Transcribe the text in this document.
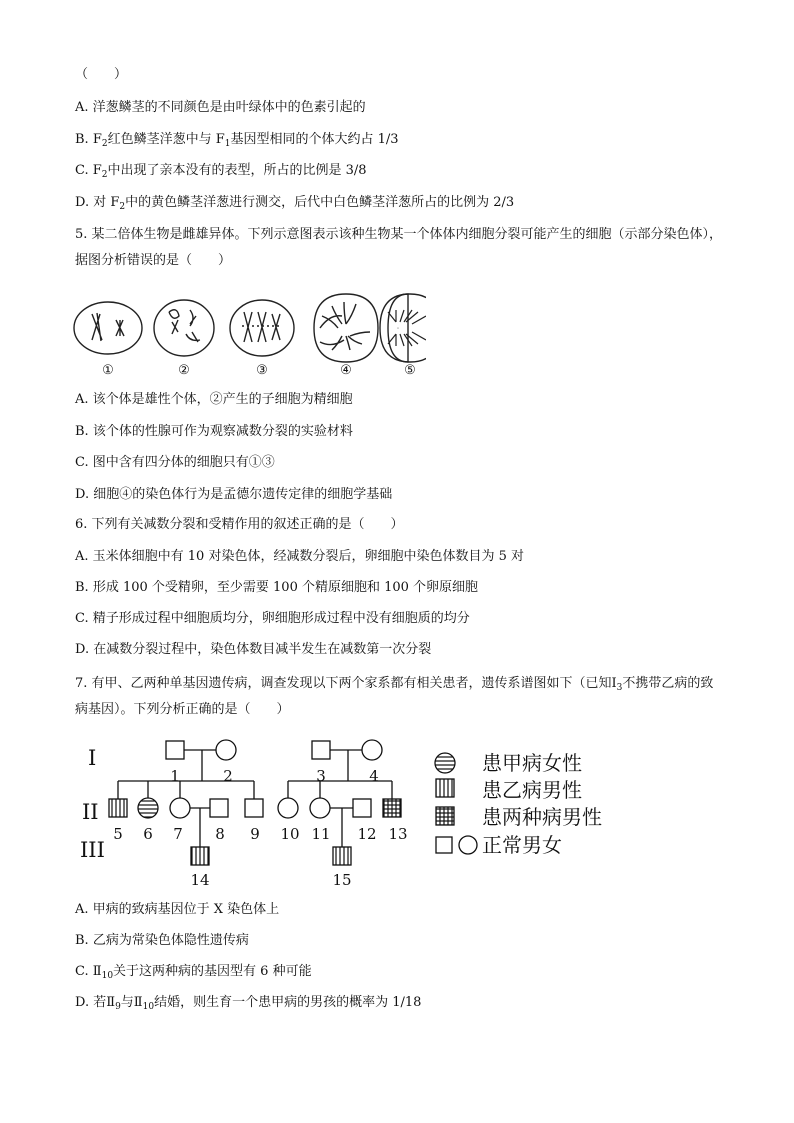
（　　）
A. 洋葱鳞茎的不同颜色是由叶绿体中的色素引起的
B. $F_2$红色鳞茎洋葱中与 $F_1$基因型相同的个体大约占 1/3
C. $F_2$中出现了亲本没有的表型，所占的比例是 3/8
D. 对 $F_2$中的黄色鳞茎洋葱进行测交，后代中白色鳞茎洋葱所占的比例为 2/3
5. 某二倍体生物是雌雄异体。下列示意图表示该种生物某一个体体内细胞分裂可能产生的细胞（示部分染色体），据图分析错误的是（　　）
①	②	③	④	⑤
A. 该个体是雄性个体，②产生的子细胞为精细胞
B. 该个体的性腺可作为观察减数分裂的实验材料
C. 图中含有四分体的细胞只有①③
D. 细胞④的染色体行为是孟德尔遗传定律的细胞学基础
6. 下列有关减数分裂和受精作用的叙述正确的是（　　）
A. 玉米体细胞中有 10 对染色体，经减数分裂后，卵细胞中染色体数目为 5 对
B. 形成 100 个受精卵，至少需要 100 个精原细胞和 100 个卵原细胞
C. 精子形成过程中细胞质均分，卵细胞形成过程中没有细胞质的均分
D. 在减数分裂过程中，染色体数目减半发生在减数第一次分裂
7. 有甲、乙两种单基因遗传病，调查发现以下两个家系都有相关患者，遗传系谱图如下（已知$Ⅰ_3$不携带乙病的致病基因）。下列分析正确的是（　　）
I
II
III
1	2	3	4
5 6 7 8 9 10 11 12 13
14	15
患甲病女性
患乙病男性
患两种病男性
正常男女
A. 甲病的致病基因位于 X 染色体上
B. 乙病为常染色体隐性遗传病
C. $Ⅱ_{10}$关于这两种病的基因型有 6 种可能
D. 若$Ⅱ_9$与$Ⅱ_{10}$结婚，则生育一个患甲病的男孩的概率为 1/18
